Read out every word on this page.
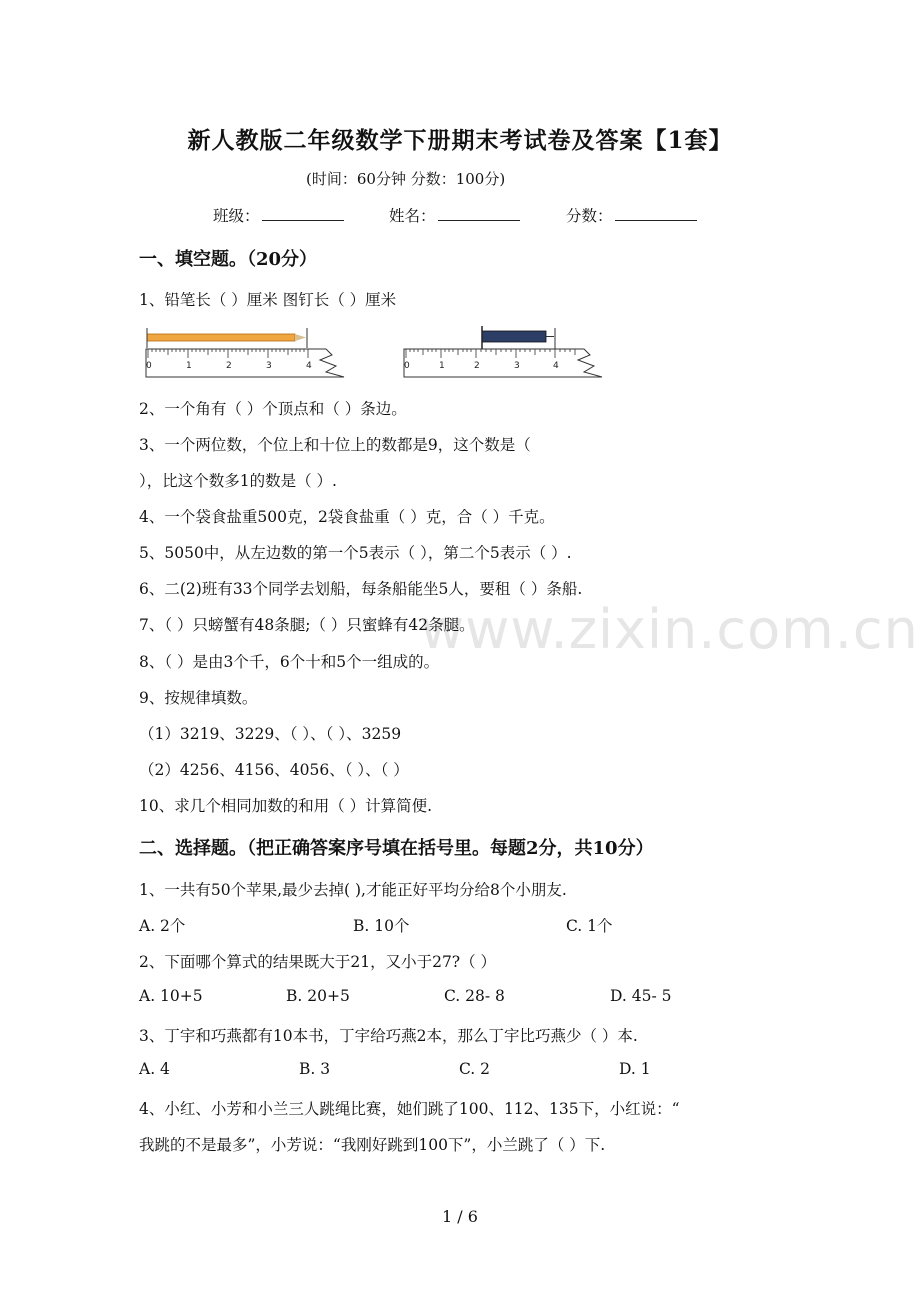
www.zixin.com.cn
新人教版二年级数学下册期末考试卷及答案【1套】
(时间：60分钟 分数：100分)
班级：	姓名：	分数：
一、填空题。（20分）
1、铅笔长（ ）厘米 图钉长（ ）厘米
0	1	2	3	4	0	1	2	3	4
2、一个角有（ ）个顶点和（ ）条边。
3、一个两位数，个位上和十位上的数都是9，这个数是（
），比这个数多1的数是（ ）.
4、一个袋食盐重500克，2袋食盐重（ ）克，合（ ）千克。
5、5050中，从左边数的第一个5表示（ ），第二个5表示（ ）.
6、二(2)班有33个同学去划船，每条船能坐5人，要租（ ）条船.
7、（ ）只螃蟹有48条腿;（ ）只蜜蜂有42条腿。
8、（ ）是由3个千，6个十和5个一组成的。
9、按规律填数。
（1）3219、3229、（ ）、（ ）、3259
（2）4256、4156、4056、（ ）、（ ）
10、求几个相同加数的和用（ ）计算简便.
二、选择题。（把正确答案序号填在括号里。每题2分，共10分）
1、一共有50个苹果,最少去掉( ),才能正好平均分给8个小朋友.
A. 2个	B. 10个	C. 1个
2、下面哪个算式的结果既大于21，又小于27?（ ）
A. 10+5	B. 20+5	C. 28- 8	D. 45- 5
3、丁宇和巧燕都有10本书，丁宇给巧燕2本，那么丁宇比巧燕少（ ）本.
A. 4	B. 3	C. 2	D. 1
4、小红、小芳和小兰三人跳绳比赛，她们跳了100、112、135下，小红说：“
我跳的不是最多”，小芳说：“我刚好跳到100下”，小兰跳了（ ）下.
1 / 6
